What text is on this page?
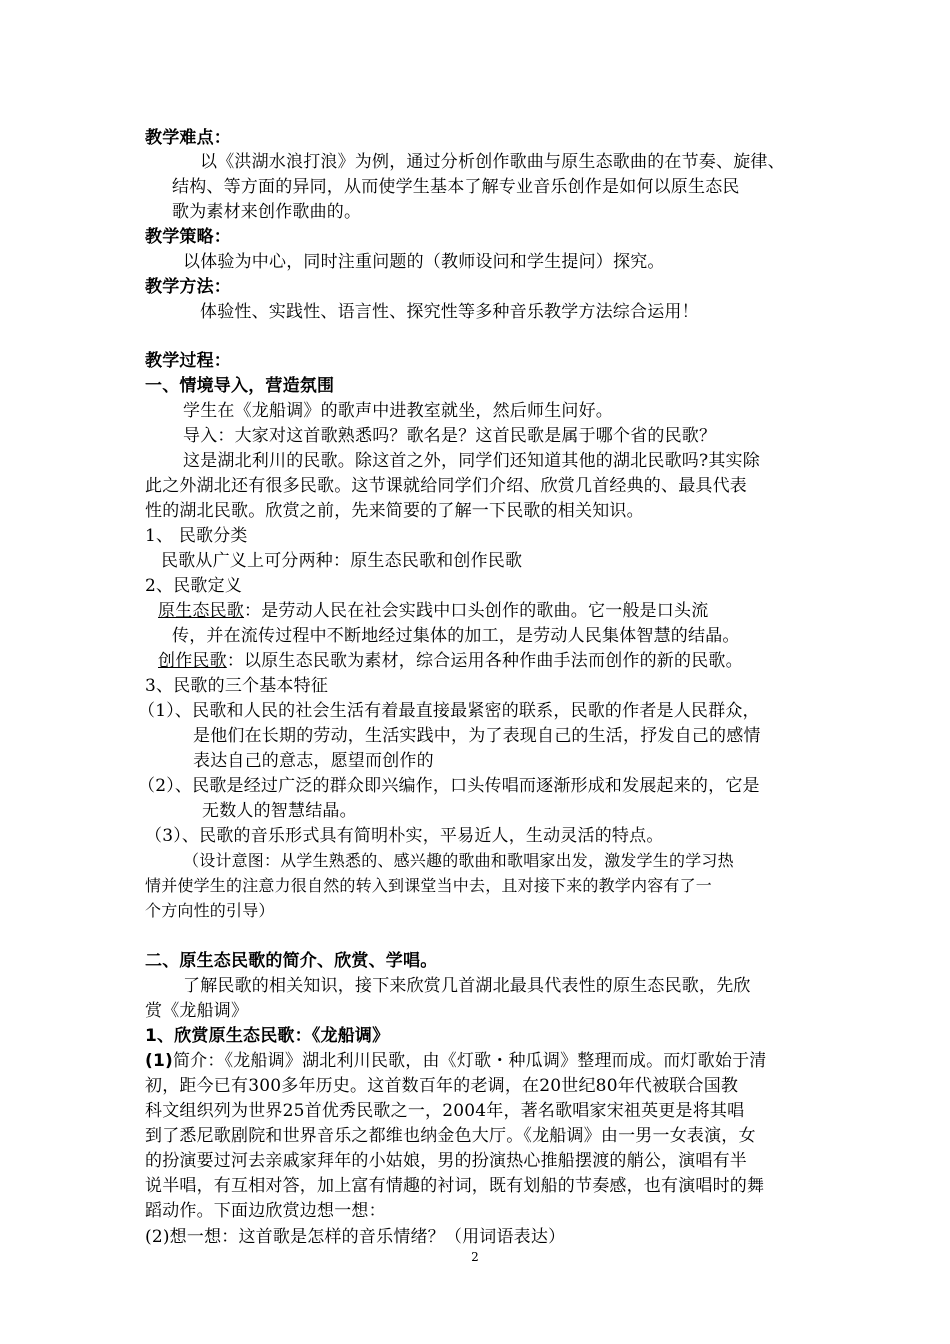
教学难点：
以《洪湖水浪打浪》为例，通过分析创作歌曲与原生态歌曲的在节奏、旋律、
结构、等方面的异同，从而使学生基本了解专业音乐创作是如何以原生态民
歌为素材来创作歌曲的。
教学策略：
以体验为中心，同时注重问题的（教师设问和学生提问）探究。
教学方法：
体验性、实践性、语言性、探究性等多种音乐教学方法综合运用！
教学过程：
一、情境导入，营造氛围
学生在《龙船调》的歌声中进教室就坐，然后师生问好。
导入：大家对这首歌熟悉吗？歌名是？这首民歌是属于哪个省的民歌？
这是湖北利川的民歌。除这首之外，同学们还知道其他的湖北民歌吗?其实除
此之外湖北还有很多民歌。这节课就给同学们介绍、欣赏几首经典的、最具代表
性的湖北民歌。欣赏之前，先来简要的了解一下民歌的相关知识。
1、 民歌分类
民歌从广义上可分两种：原生态民歌和创作民歌
2、民歌定义
原生态民歌：是劳动人民在社会实践中口头创作的歌曲。它一般是口头流
传，并在流传过程中不断地经过集体的加工，是劳动人民集体智慧的结晶。
创作民歌：以原生态民歌为素材，综合运用各种作曲手法而创作的新的民歌。
3、民歌的三个基本特征
（1）、民歌和人民的社会生活有着最直接最紧密的联系，民歌的作者是人民群众，
是他们在长期的劳动，生活实践中，为了表现自己的生活，抒发自己的感情
表达自己的意志，愿望而创作的
（2）、民歌是经过广泛的群众即兴编作，口头传唱而逐渐形成和发展起来的，它是
无数人的智慧结晶。
（3）、民歌的音乐形式具有简明朴实，平易近人，生动灵活的特点。
（设计意图：从学生熟悉的、感兴趣的歌曲和歌唱家出发，激发学生的学习热
情并使学生的注意力很自然的转入到课堂当中去，且对接下来的教学内容有了一
个方向性的引导）
二、原生态民歌的简介、欣赏、学唱。
了解民歌的相关知识，接下来欣赏几首湖北最具代表性的原生态民歌，先欣
赏《龙船调》
1、欣赏原生态民歌：《龙船调》
(1)简介：《龙船调》湖北利川民歌，由《灯歌・种瓜调》整理而成。而灯歌始于清
初，距今已有300多年历史。这首数百年的老调，在20世纪80年代被联合国教
科文组织列为世界25首优秀民歌之一，2004年，著名歌唱家宋祖英更是将其唱
到了悉尼歌剧院和世界音乐之都维也纳金色大厅。《龙船调》由一男一女表演，女
的扮演要过河去亲戚家拜年的小姑娘，男的扮演热心推船摆渡的艄公，演唱有半
说半唱，有互相对答，加上富有情趣的衬词，既有划船的节奏感，也有演唱时的舞
蹈动作。下面边欣赏边想一想：
(2)想一想：这首歌是怎样的音乐情绪？（用词语表达）
2
